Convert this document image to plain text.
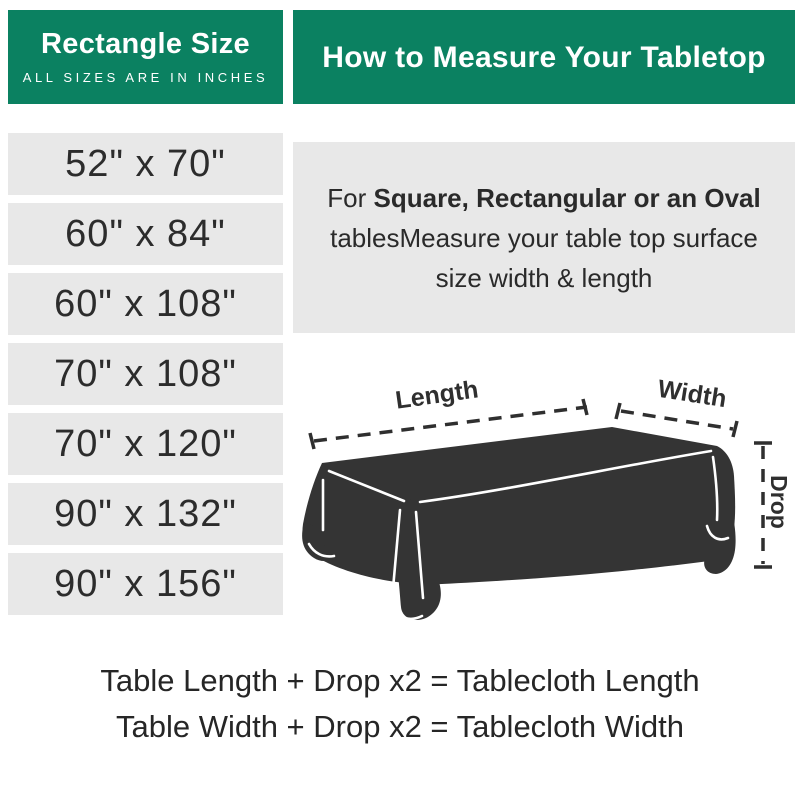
Rectangle Size
ALL SIZES ARE IN INCHES
How to Measure Your Tabletop
52" x 70"
60" x 84"
60" x 108"
70" x 108"
70" x 120"
90" x 132"
90" x 156"
For Square, Rectangular or an Oval
tablesMeasure your table top surface
size width & length
Length	Width
Drop
Table Length + Drop x2 = Tablecloth Length
Table Width + Drop x2 = Tablecloth Width
